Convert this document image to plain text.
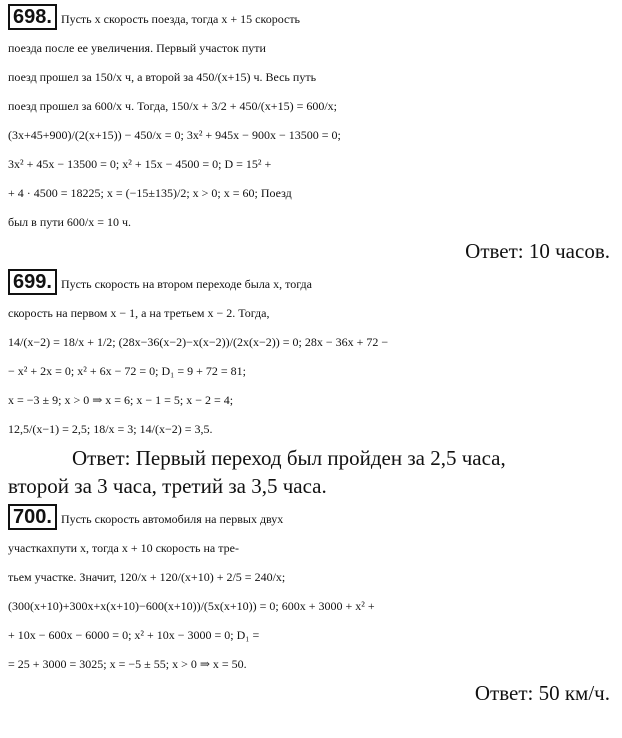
698. Пусть x скорость поезда, тогда x + 15 скорость
поезда после ее увеличения. Первый участок пути
поезд прошел за 150/x ч, а второй за 450/(x+15) ч. Весь путь
поезд прошел за 600/x ч. Тогда, 150/x + 3/2 + 450/(x+15) = 600/x;
(3x+45+900)/(2(x+15)) − 450/x = 0; 3x² + 945x − 900x − 13500 = 0;
3x² + 45x − 13500 = 0; x² + 15x − 4500 = 0; D = 15² +
+ 4 · 4500 = 18225; x = (−15±135)/2; x > 0; x = 60; Поезд
был в пути 600/x = 10 ч.
Ответ: 10 часов.
699. Пусть скорость на втором переходе была x, тогда
скорость на первом x − 1, а на третьем x − 2. Тогда,
14/(x−2) = 18/x + 1/2; (28x−36(x−2)−x(x−2))/(2x(x−2)) = 0; 28x − 36x + 72 −
− x² + 2x = 0; x² + 6x − 72 = 0; D₁ = 9 + 72 = 81;
x = −3 ± 9; x > 0 ⇒ x = 6; x − 1 = 5; x − 2 = 4;
12,5/(x−1) = 2,5; 18/x = 3; 14/(x−2) = 3,5.
Ответ: Первый переход был пройден за 2,5 часа,
второй за 3 часа, третий за 3,5 часа.
700. Пусть скорость автомобиля на первых двух
участкахпути x, тогда x + 10 скорость на тре-
тьем участке. Значит, 120/x + 120/(x+10) + 2/5 = 240/x;
(300(x+10)+300x+x(x+10)−600(x+10))/(5x(x+10)) = 0; 600x + 3000 + x² +
+ 10x − 600x − 6000 = 0; x² + 10x − 3000 = 0; D₁ =
= 25 + 3000 = 3025; x = −5 ± 55; x > 0 ⇒ x = 50.
Ответ: 50 км/ч.
